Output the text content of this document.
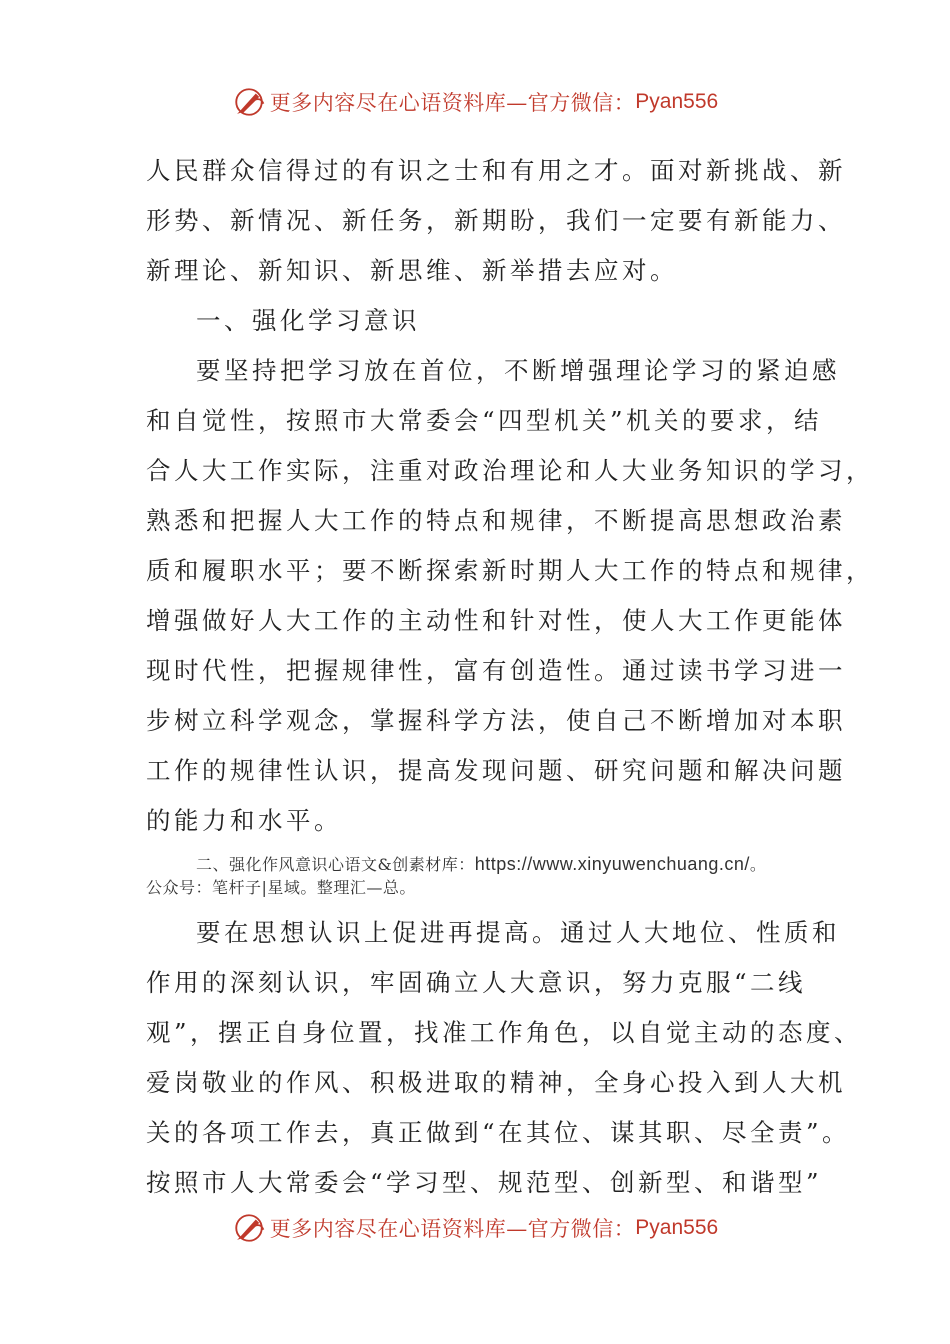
更多内容尽在心语资料库—官方微信： Pyan556
人民群众信得过的有识之士和有用之才。面对新挑战、新
形势、新情况、新任务，新期盼，我们一定要有新能力、
新理论、新知识、新思维、新举措去应对。
一、强化学习意识
要坚持把学习放在首位，不断增强理论学习的紧迫感
和自觉性，按照市大常委会“四型机关”机关的要求，结
合人大工作实际，注重对政治理论和人大业务知识的学习，
熟悉和把握人大工作的特点和规律，不断提高思想政治素
质和履职水平；要不断探索新时期人大工作的特点和规律，
增强做好人大工作的主动性和针对性，使人大工作更能体
现时代性，把握规律性，富有创造性。通过读书学习进一
步树立科学观念，掌握科学方法，使自己不断增加对本职
工作的规律性认识，提高发现问题、研究问题和解决问题
的能力和水平。
二、强化作风意识心语文&创素材库：https://www.xinyuwenchuang.cn/。
公众号：笔杆子|星域。整理汇—总。
要在思想认识上促进再提高。通过人大地位、性质和
作用的深刻认识，牢固确立人大意识，努力克服“二线
观”，摆正自身位置，找准工作角色，以自觉主动的态度、
爱岗敬业的作风、积极进取的精神，全身心投入到人大机
关的各项工作去，真正做到“在其位、谋其职、尽全责”。
按照市人大常委会“学习型、规范型、创新型、和谐型”
更多内容尽在心语资料库—官方微信： Pyan556
